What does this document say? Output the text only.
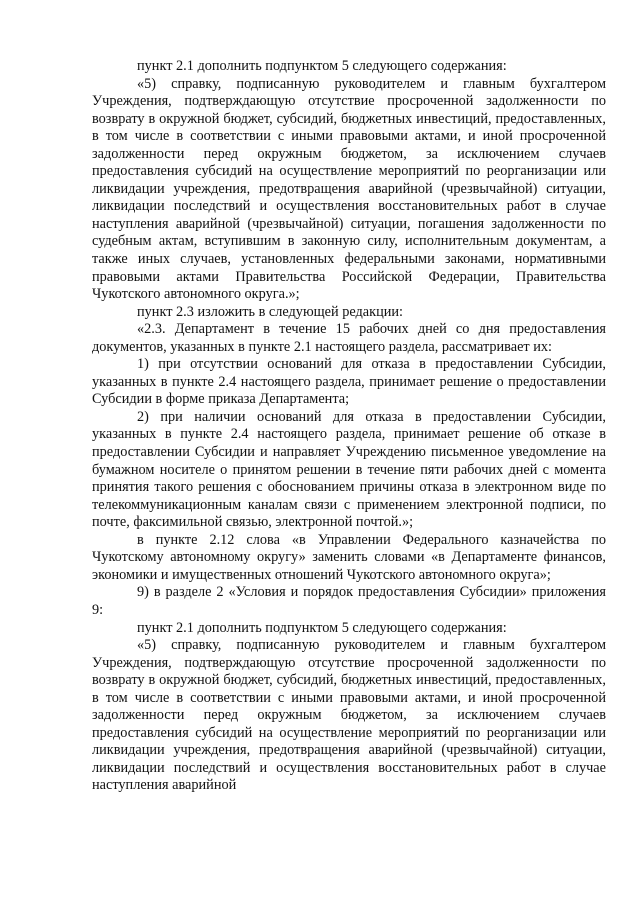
пункт 2.1 дополнить подпунктом 5 следующего содержания:

«5) справку, подписанную руководителем и главным бухгалтером Учреждения, подтверждающую отсутствие просроченной задолженности по возврату в окружной бюджет, субсидий, бюджетных инвестиций, предоставленных, в том числе в соответствии с иными правовыми актами, и иной просроченной задолженности перед окружным бюджетом, за исключением случаев предоставления субсидий на осуществление мероприятий по реорганизации или ликвидации учреждения, предотвращения аварийной (чрезвычайной) ситуации, ликвидации последствий и осуществления восстановительных работ в случае наступления аварийной (чрезвычайной) ситуации, погашения задолженности по судебным актам, вступившим в законную силу, исполнительным документам, а также иных случаев, установленных федеральными законами, нормативными правовыми актами Правительства Российской Федерации, Правительства Чукотского автономного округа.»;

пункт 2.3 изложить в следующей редакции:

«2.3. Департамент в течение 15 рабочих дней со дня предоставления документов, указанных в пункте 2.1 настоящего раздела, рассматривает их:

1) при отсутствии оснований для отказа в предоставлении Субсидии, указанных в пункте 2.4 настоящего раздела, принимает решение о предоставлении Субсидии в форме приказа Департамента;

2) при наличии оснований для отказа в предоставлении Субсидии, указанных в пункте 2.4 настоящего раздела, принимает решение об отказе в предоставлении Субсидии и направляет Учреждению письменное уведомление на бумажном носителе о принятом решении в течение пяти рабочих дней с момента принятия такого решения с обоснованием причины отказа в электронном виде по телекоммуникационным каналам связи с применением электронной подписи, по почте, факсимильной связью, электронной почтой.»;

в пункте 2.12 слова «в Управлении Федерального казначейства по Чукотскому автономному округу» заменить словами «в Департаменте финансов, экономики и имущественных отношений Чукотского автономного округа»;

9) в разделе 2 «Условия и порядок предоставления Субсидии» приложения 9:

пункт 2.1 дополнить подпунктом 5 следующего содержания:

«5) справку, подписанную руководителем и главным бухгалтером Учреждения, подтверждающую отсутствие просроченной задолженности по возврату в окружной бюджет, субсидий, бюджетных инвестиций, предоставленных, в том числе в соответствии с иными правовыми актами, и иной просроченной задолженности перед окружным бюджетом, за исключением случаев предоставления субсидий на осуществление мероприятий по реорганизации или ликвидации учреждения, предотвращения аварийной (чрезвычайной) ситуации, ликвидации последствий и осуществления восстановительных работ в случае наступления аварийной
